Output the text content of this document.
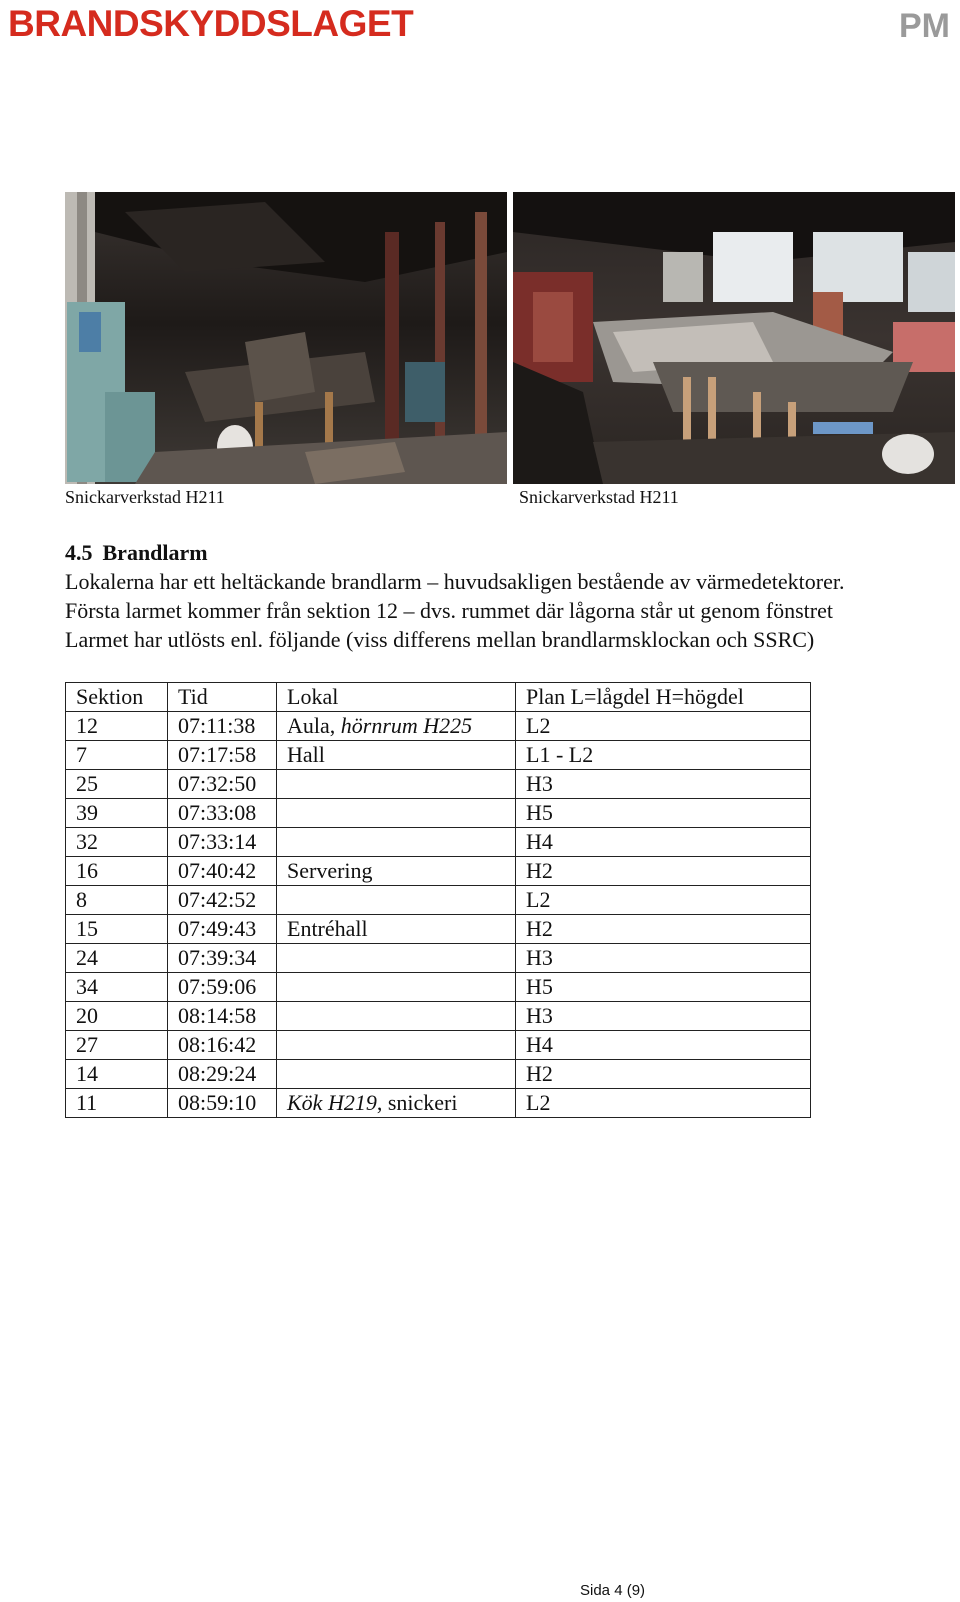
BRANDSKYDDSLAGET	PM
Snickarverkstad H211	Snickarverkstad H211
4.5 Brandlarm

Lokalerna har ett heltäckande brandlarm – huvudsakligen bestående av värmedetektorer.

Första larmet kommer från sektion 12 – dvs. rummet där lågorna står ut genom fönstret

Larmet har utlösts enl. följande (viss differens mellan brandlarmsklockan och SSRC)

Sektion	Tid	Lokal	Plan L=lågdel H=högdel
12	07:11:38	Aula, hörnrum H225	L2
7	07:17:58	Hall	L1 - L2
25	07:32:50		H3
39	07:33:08		H5
32	07:33:14		H4
16	07:40:42	Servering	H2
8	07:42:52		L2
15	07:49:43	Entréhall	H2
24	07:39:34		H3
34	07:59:06		H5
20	08:14:58		H3
27	08:16:42		H4
14	08:29:24		H2
11	08:59:10	Kök H219, snickeri	L2
Sida 4 (9)
